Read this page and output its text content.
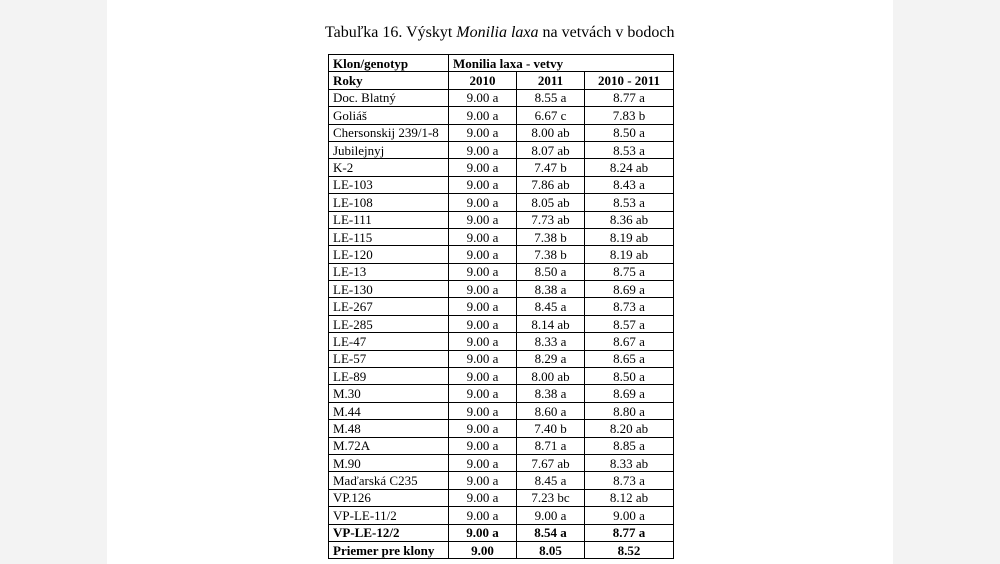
Tabuľka 16. Výskyt Monilia laxa na vetvách v bodoch
Klon/genotyp	Monilia laxa - vetvy		
Roky	2010	2011	2010 - 2011
Doc. Blatný	9.00 a	8.55 a	8.77 a
Goliáš	9.00 a	6.67 c	7.83 b
Chersonskij 239/1-8	9.00 a	8.00 ab	8.50 a
Jubilejnyj	9.00 a	8.07 ab	8.53 a
K-2	9.00 a	7.47 b	8.24 ab
LE-103	9.00 a	7.86 ab	8.43 a
LE-108	9.00 a	8.05 ab	8.53 a
LE-111	9.00 a	7.73 ab	8.36 ab
LE-115	9.00 a	7.38 b	8.19 ab
LE-120	9.00 a	7.38 b	8.19 ab
LE-13	9.00 a	8.50 a	8.75 a
LE-130	9.00 a	8.38 a	8.69 a
LE-267	9.00 a	8.45 a	8.73 a
LE-285	9.00 a	8.14 ab	8.57 a
LE-47	9.00 a	8.33 a	8.67 a
LE-57	9.00 a	8.29 a	8.65 a
LE-89	9.00 a	8.00 ab	8.50 a
M.30	9.00 a	8.38 a	8.69 a
M.44	9.00 a	8.60 a	8.80 a
M.48	9.00 a	7.40 b	8.20 ab
M.72A	9.00 a	8.71 a	8.85 a
M.90	9.00 a	7.67 ab	8.33 ab
Maďarská C235	9.00 a	8.45 a	8.73 a
VP.126	9.00 a	7.23 bc	8.12 ab
VP-LE-11/2	9.00 a	9.00 a	9.00 a
VP-LE-12/2	9.00 a	8.54 a	8.77 a
Priemer pre klony	9.00	8.05	8.52
